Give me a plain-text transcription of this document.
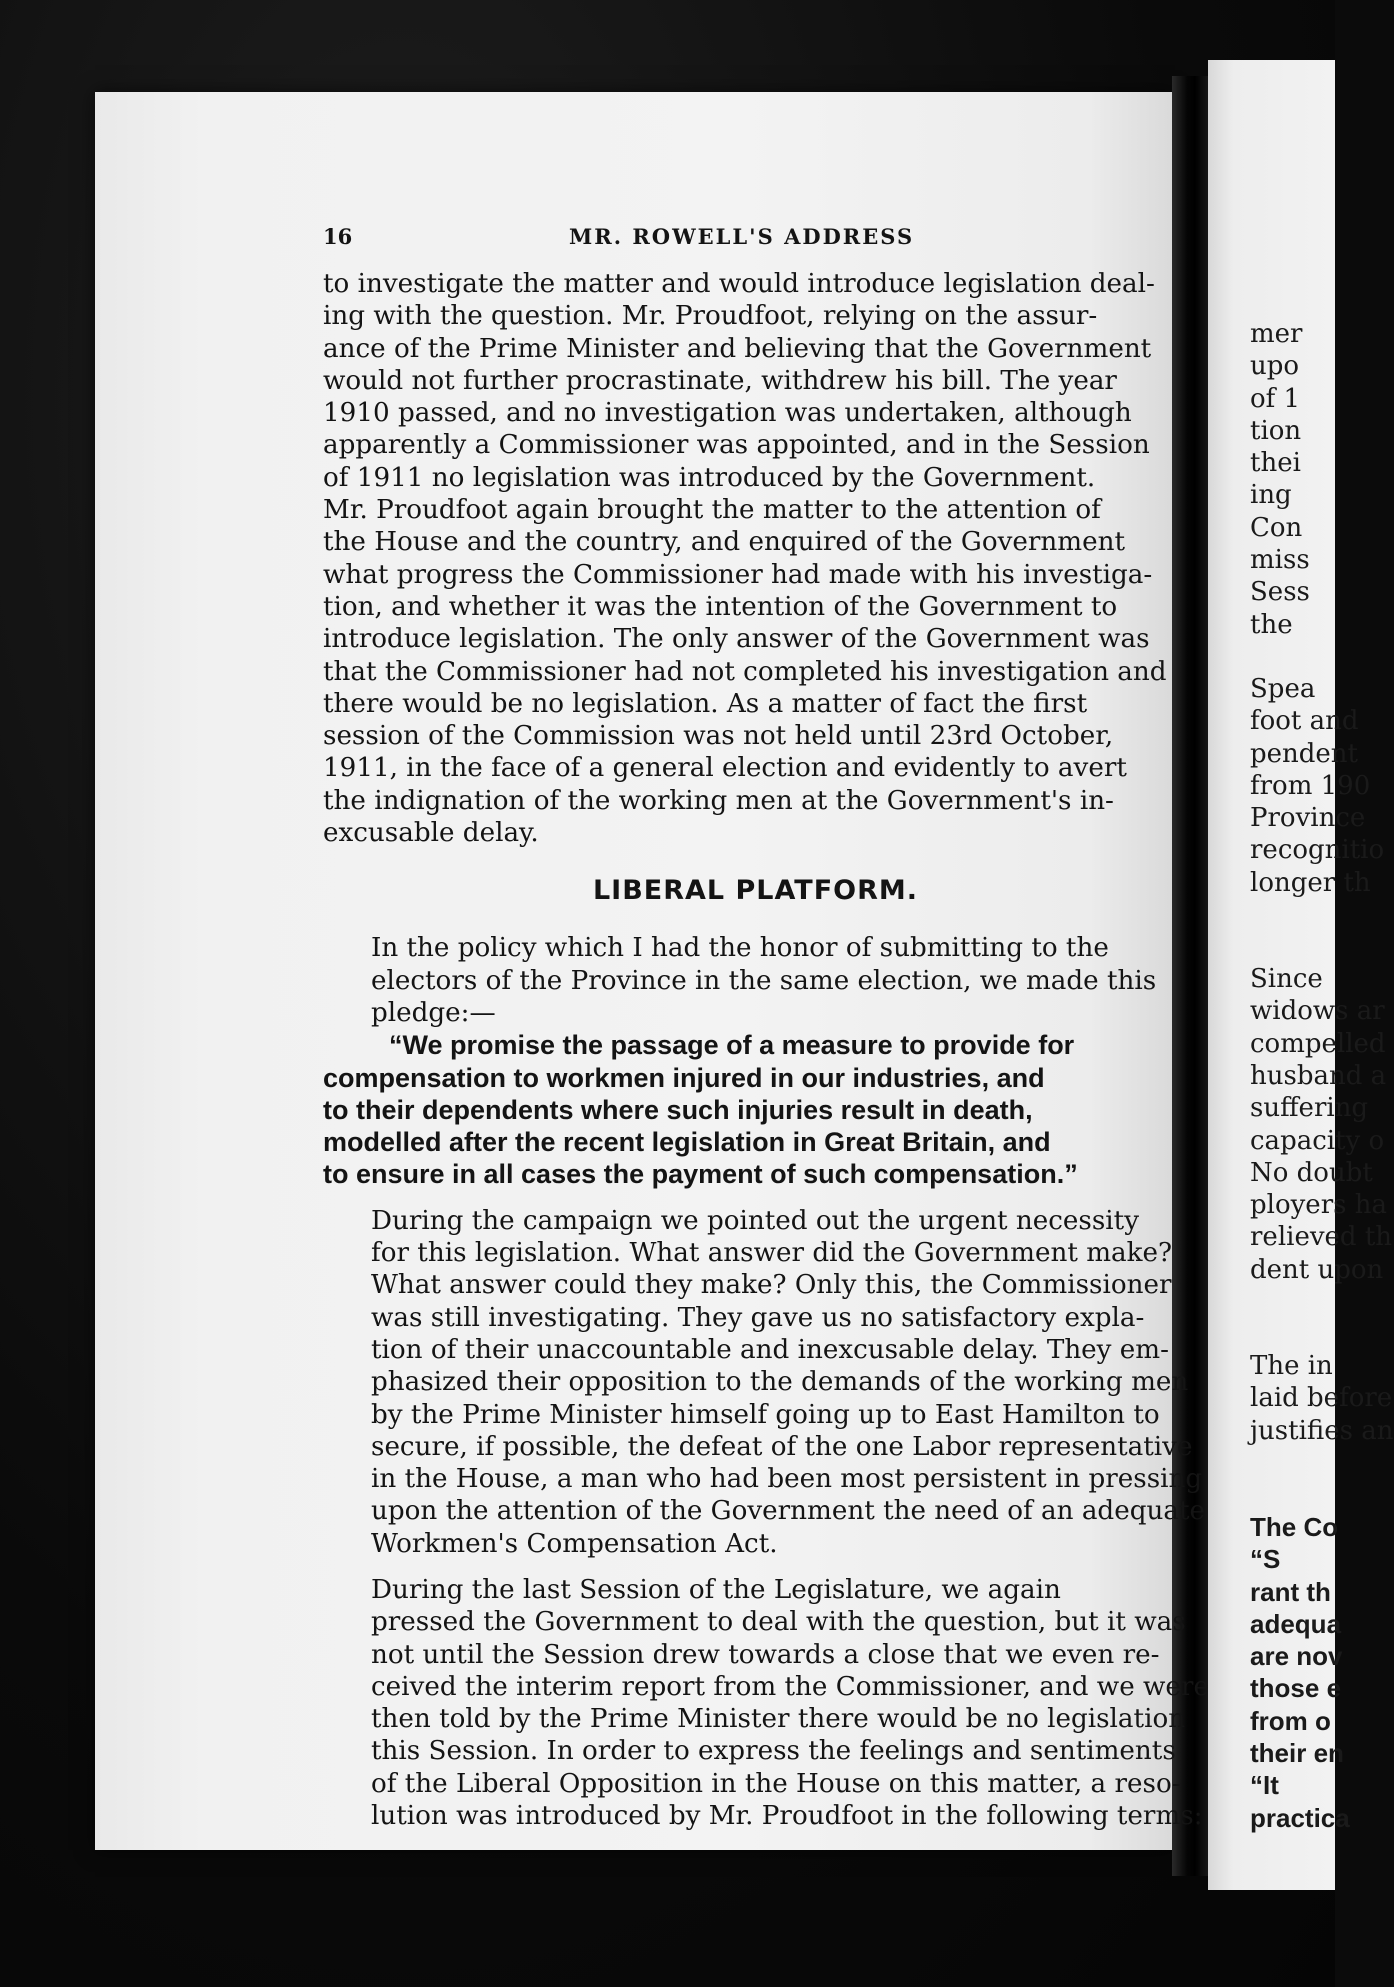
16	MR. ROWELL'S ADDRESS

to investigate the matter and would introduce legislation deal-
ing with the question. Mr. Proudfoot, relying on the assur-
ance of the Prime Minister and believing that the Government
would not further procrastinate, withdrew his bill. The year
1910 passed, and no investigation was undertaken, although
apparently a Commissioner was appointed, and in the Session
of 1911 no legislation was introduced by the Government.
Mr. Proudfoot again brought the matter to the attention of
the House and the country, and enquired of the Government
what progress the Commissioner had made with his investiga-
tion, and whether it was the intention of the Government to
introduce legislation. The only answer of the Government was
that the Commissioner had not completed his investigation and
there would be no legislation. As a matter of fact the first
session of the Commission was not held until 23rd October,
1911, in the face of a general election and evidently to avert
the indignation of the working men at the Government's in-
excusable delay.

LIBERAL PLATFORM.

In the policy which I had the honor of submitting to the
electors of the Province in the same election, we made this
pledge:—

“We promise the passage of a measure to provide for
compensation to workmen injured in our industries, and
to their dependents where such injuries result in death,
modelled after the recent legislation in Great Britain, and
to ensure in all cases the payment of such compensation.”

During the campaign we pointed out the urgent necessity
for this legislation. What answer did the Government make?
What answer could they make? Only this, the Commissioner
was still investigating. They gave us no satisfactory expla-
tion of their unaccountable and inexcusable delay. They em-
phasized their opposition to the demands of the working men
by the Prime Minister himself going up to East Hamilton to
secure, if possible, the defeat of the one Labor representative
in the House, a man who had been most persistent in pressing
upon the attention of the Government the need of an adequate
Workmen's Compensation Act.

During the last Session of the Legislature, we again
pressed the Government to deal with the question, but it was
not until the Session drew towards a close that we even re-
ceived the interim report from the Commissioner, and we were
then told by the Prime Minister there would be no legislation
this Session. In order to express the feelings and sentiments
of the Liberal Opposition in the House on this matter, a reso-
lution was introduced by Mr. Proudfoot in the following terms:

mer
upo
of 1
tion
thei
ing
Con
miss
Sess
the
Spea
foot and
pendent
from 190
Province
recognitio
longer th
Since
widows ar
compelled
husband a
suffering
capacity o
No doubt
ployers ha
relieved th
dent upon
The in
laid before
justifies an
The Co
“S
rant th
adequa
are nov
those e
from o
their en
“It
practica
